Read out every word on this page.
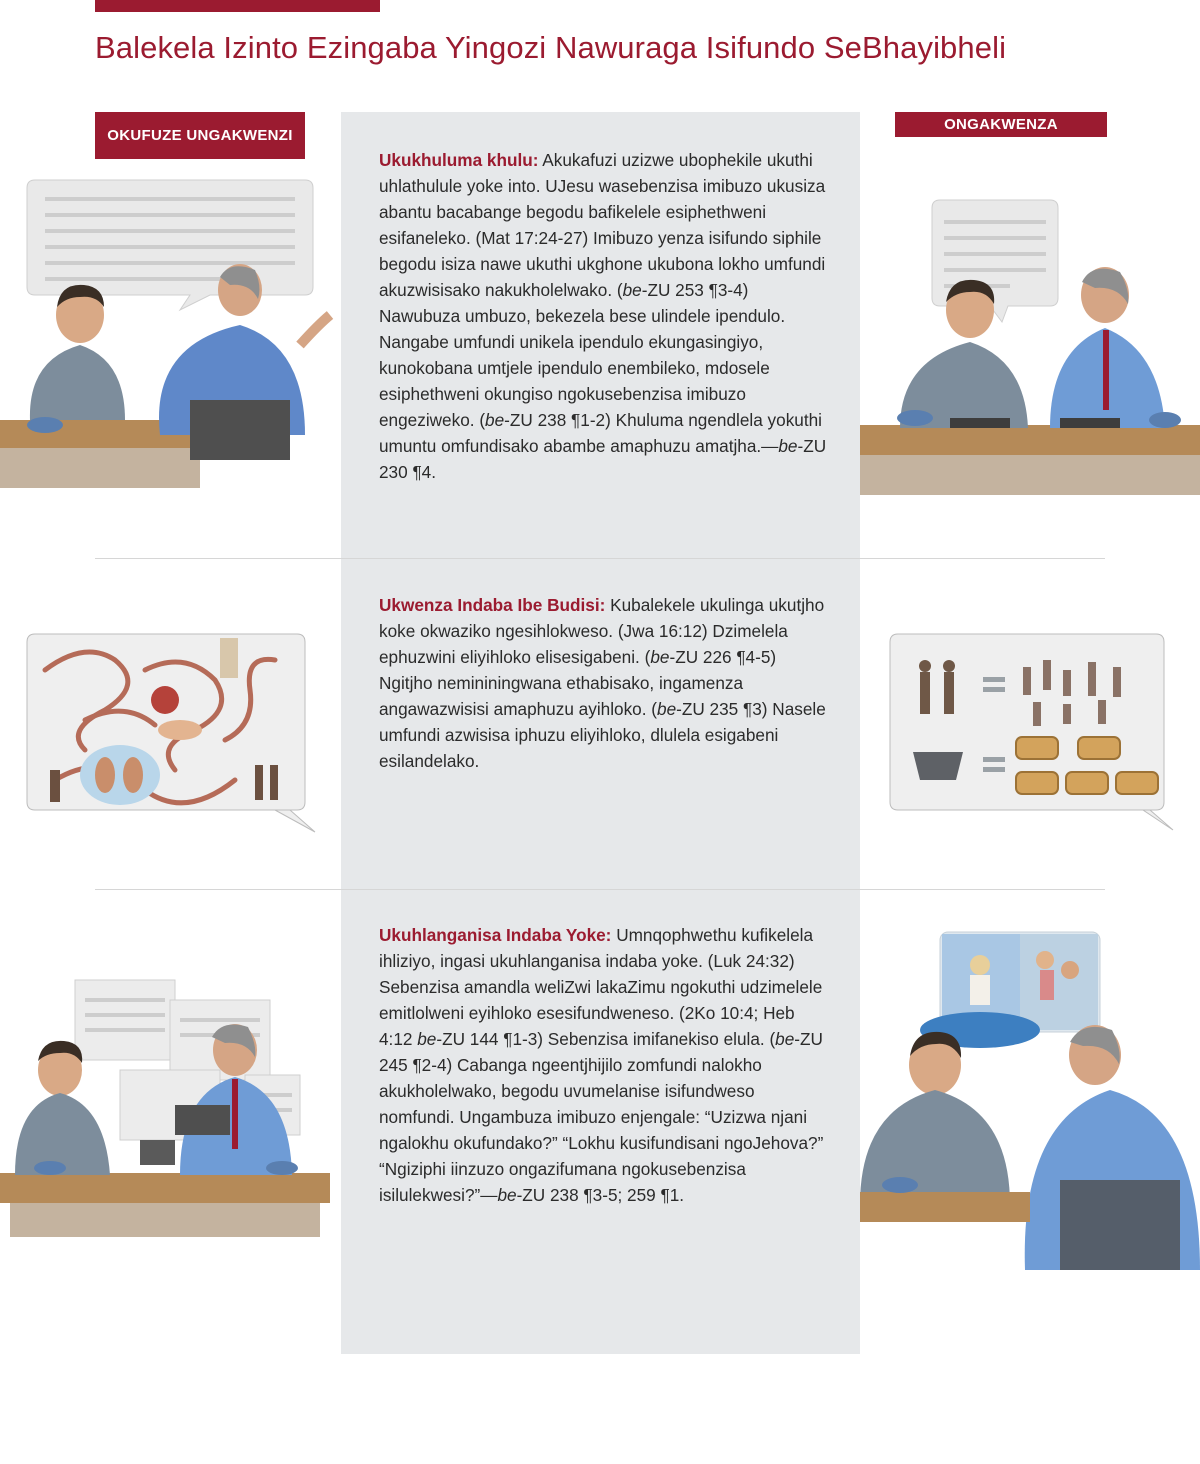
Balekela Izinto Ezingaba Yingozi Nawuraga Isifundo SeBhayibheli
OKUFUZE UNGAKWENZI
ONGAKWENZA

Ukukhuluma khulu: Akukafuzi uzizwe ubophekile ukuthi uhlathulule yoke into. UJesu wasebenzisa imibuzo ukusiza abantu bacabange begodu bafikelele esiphethweni esifaneleko. (Mat 17:24-27) Imibuzo yenza isifundo siphile begodu isiza nawe ukuthi ukghone ukubona lokho umfundi akuzwisisako nakukholelwako. (be-ZU 253 ¶3-4) Nawubuza umbuzo, bekezela bese ulindele ipendulo. Nangabe umfundi unikela ipendulo ekungasingiyo, kunokobana umtjele ipendulo enembileko, mdosele esiphethweni okungiso ngokusebenzisa imibuzo engeziweko. (be-ZU 238 ¶1-2) Khuluma ngendlela yokuthi umuntu omfundisako abambe amaphuzu amatjha.—be-ZU 230 ¶4.

Ukwenza Indaba Ibe Budisi: Kubalekele ukulinga ukutjho koke okwaziko ngesihlokweso. (Jwa 16:12) Dzimelela ephuzwini eliyihloko elisesigabeni. (be-ZU 226 ¶4-5) Ngitjho nemininingwana ethabisako, ingamenza angawazwisisi amaphuzu ayihloko. (be-ZU 235 ¶3) Nasele umfundi azwisisa iphuzu eliyihloko, dlulela esigabeni esilandelako.

Ukuhlanganisa Indaba Yoke: Umnqophwethu kufikelela ihliziyo, ingasi ukuhlanganisa indaba yoke. (Luk 24:32) Sebenzisa amandla weliZwi lakaZimu ngokuthi udzimelele emitlolweni eyihloko esesifundweneso. (2Ko 10:4; Heb 4:12 be-ZU 144 ¶1-3) Sebenzisa imifanekiso elula. (be-ZU 245 ¶2-4) Cabanga ngeentjhijilo zomfundi nalokho akukholelwako, begodu uvumelanise isifundweso nomfundi. Ungambuza imibuzo enjengale: “Uzizwa njani ngalokhu okufundako?” “Lokhu kusifundisani ngoJehova?” “Ngiziphi iinzuzo ongazifumana ngokusebenzisa isilulekwesi?”—be-ZU 238 ¶3-5; 259 ¶1.
